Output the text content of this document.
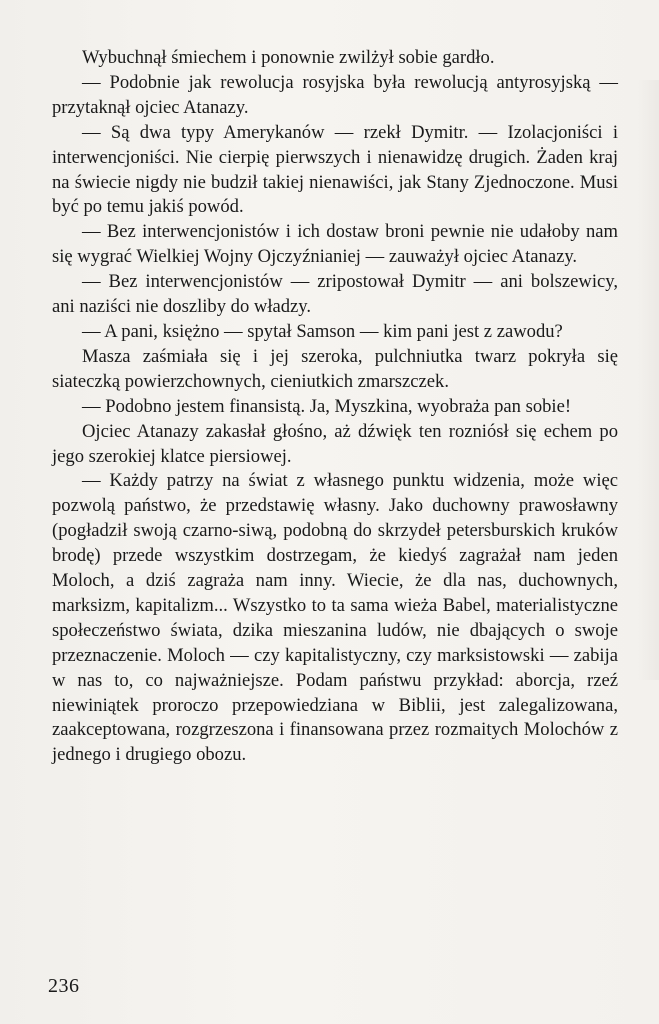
Wybuchnął śmiechem i ponownie zwilżył sobie gardło.

— Podobnie jak rewolucja rosyjska była rewolucją antyrosyjską — przytaknął ojciec Atanazy.

— Są dwa typy Amerykanów — rzekł Dymitr. — Izolacjoniści i interwencjoniści. Nie cierpię pierwszych i nienawidzę drugich. Żaden kraj na świecie nigdy nie budził takiej nienawiści, jak Stany Zjednoczone. Musi być po temu jakiś powód.

— Bez interwencjonistów i ich dostaw broni pewnie nie udałoby nam się wygrać Wielkiej Wojny Ojczyźnianiej — zauważył ojciec Atanazy.

— Bez interwencjonistów — zripostował Dymitr — ani bolszewicy, ani naziści nie doszliby do władzy.

— A pani, księżno — spytał Samson — kim pani jest z zawodu?

Masza zaśmiała się i jej szeroka, pulchniutka twarz pokryła się siateczką powierzchownych, cieniutkich zmarszczek.

— Podobno jestem finansistą. Ja, Myszkina, wyobraża pan sobie!

Ojciec Atanazy zakasłał głośno, aż dźwięk ten rozniósł się echem po jego szerokiej klatce piersiowej.

— Każdy patrzy na świat z własnego punktu widzenia, może więc pozwolą państwo, że przedstawię własny. Jako duchowny prawosławny (pogładził swoją czarno-siwą, podobną do skrzydeł petersburskich kruków brodę) przede wszystkim dostrzegam, że kiedyś zagrażał nam jeden Moloch, a dziś zagraża nam inny. Wiecie, że dla nas, duchownych, marksizm, kapitalizm... Wszystko to ta sama wieża Babel, materialistyczne społeczeństwo świata, dzika mieszanina ludów, nie dbających o swoje przeznaczenie. Moloch — czy kapitalistyczny, czy marksistowski — zabija w nas to, co najważniejsze. Podam państwu przykład: aborcja, rzeź niewiniątek proroczo przepowiedziana w Biblii, jest zalegalizowana, zaakceptowana, rozgrzeszona i finansowana przez rozmaitych Molochów z jednego i drugiego obozu.

236
